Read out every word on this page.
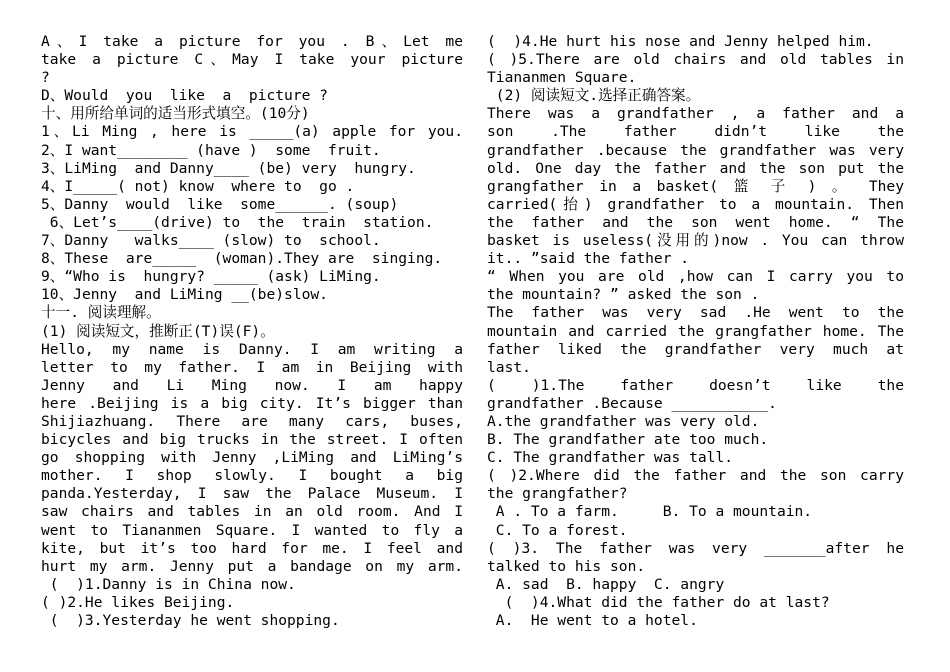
A、I take a picture for you . B、Let me
take a picture C、May I take your picture
?
D、Would  you  like  a  picture ?
十、用所给单词的适当形式填空。(10分)
1、Li Ming , here is _____(a) apple for you.
2、I want________ (have )  some  fruit.
3、LiMing  and Danny____ (be) very  hungry.
4、I_____( not) know  where to  go .
5、Danny  would  like  some______. (soup)
6、Let’s____(drive) to  the  train  station.
7、Danny   walks____ (slow) to  school.
8、These  are_____  (woman).They are  singing.
9、“Who is  hungry? _____ (ask) LiMing.
10、Jenny  and LiMing __(be)slow.
十一. 阅读理解。
(1) 阅读短文，推断正(T)误(F)。
Hello, my name is Danny. I am writing a
letter to my father. I am in Beijing with
Jenny and Li Ming now. I am happy
here .Beijing is a big city. It’s bigger than
Shijiazhuang. There are many cars, buses,
bicycles and big trucks in the street. I often
go shopping with Jenny ,LiMing and LiMing’s
mother. I shop slowly. I bought a big
panda.Yesterday, I saw the Palace Museum. I
saw chairs and tables in an old room. And I
went to Tiananmen Square. I wanted to fly a
kite, but it’s too hard for me. I feel and
hurt my arm. Jenny put a bandage on my arm.
(  )1.Danny is in China now.
( )2.He likes Beijing.
(  )3.Yesterday he went shopping.
(  )4.He hurt his nose and Jenny helped him.
( )5.There are old chairs and old tables in
Tiananmen Square.
(2) 阅读短文.选择正确答案。
There was a grandfather , a father and a
son .The father didn’t like the
grandfather .because the grandfather was very
old. One day the father and the son put the
grangfather in a basket( 篮 子 ) 。 They
carried(抬) grandfather to a mountain. Then
the father and the son went home. “ The
basket is useless(没用的)now . You can throw
it.. ”said the father .
“ When you are old ,how can I carry you to
the mountain? ” asked the son .
The father was very sad .He went to the
mountain and carried the grangfather home. The
father liked the grandfather very much at
last.
( )1.The father doesn’t like the
grandfather .Because ___________.
A.the grandfather was very old.
B. The grandfather ate too much.
C. The grandfather was tall.
( )2.Where did the father and the son carry
the grangfather?
A . To a farm.     B. To a mountain.
C. To a forest.
( )3. The father was very _______after he
talked to his son.
A. sad  B. happy  C. angry
(  )4.What did the father do at last?
A.  He went to a hotel.
